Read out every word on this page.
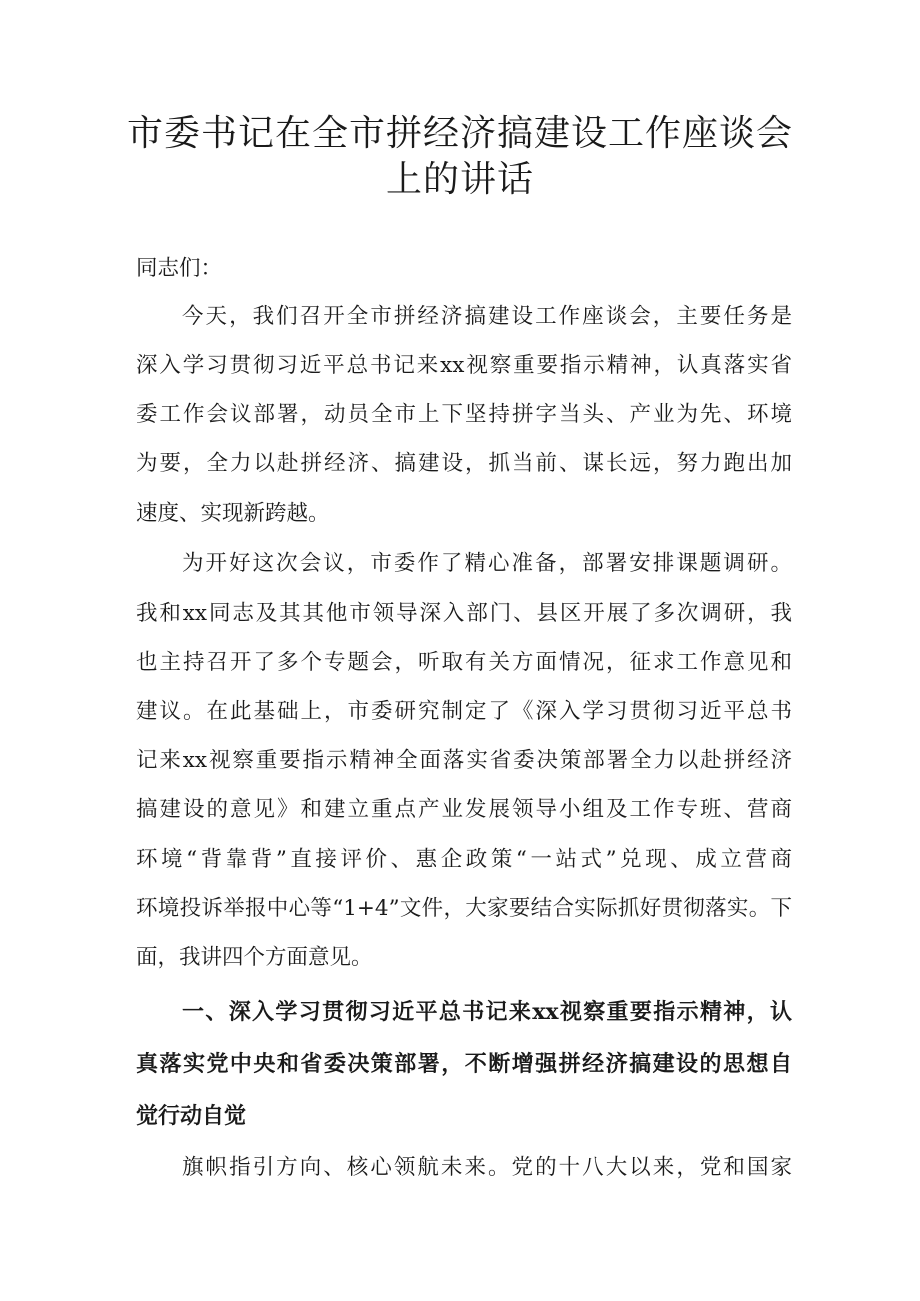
市委书记在全市拼经济搞建设工作座谈会
上的讲话
同志们：
今天，我们召开全市拼经济搞建设工作座谈会，主要任务是
深入学习贯彻习近平总书记来xx视察重要指示精神，认真落实省
委工作会议部署，动员全市上下坚持拼字当头、产业为先、环境
为要，全力以赴拼经济、搞建设，抓当前、谋长远，努力跑出加
速度、实现新跨越。
为开好这次会议，市委作了精心准备，部署安排课题调研。
我和xx同志及其其他市领导深入部门、县区开展了多次调研，我
也主持召开了多个专题会，听取有关方面情况，征求工作意见和
建议。在此基础上，市委研究制定了《深入学习贯彻习近平总书
记来xx视察重要指示精神全面落实省委决策部署全力以赴拼经济
搞建设的意见》和建立重点产业发展领导小组及工作专班、营商
环境“背靠背”直接评价、惠企政策“一站式”兑现、成立营商
环境投诉举报中心等“1+4”文件，大家要结合实际抓好贯彻落实。下
面，我讲四个方面意见。
一、深入学习贯彻习近平总书记来xx视察重要指示精神，认
真落实党中央和省委决策部署，不断增强拼经济搞建设的思想自
觉行动自觉
旗帜指引方向、核心领航未来。党的十八大以来，党和国家
